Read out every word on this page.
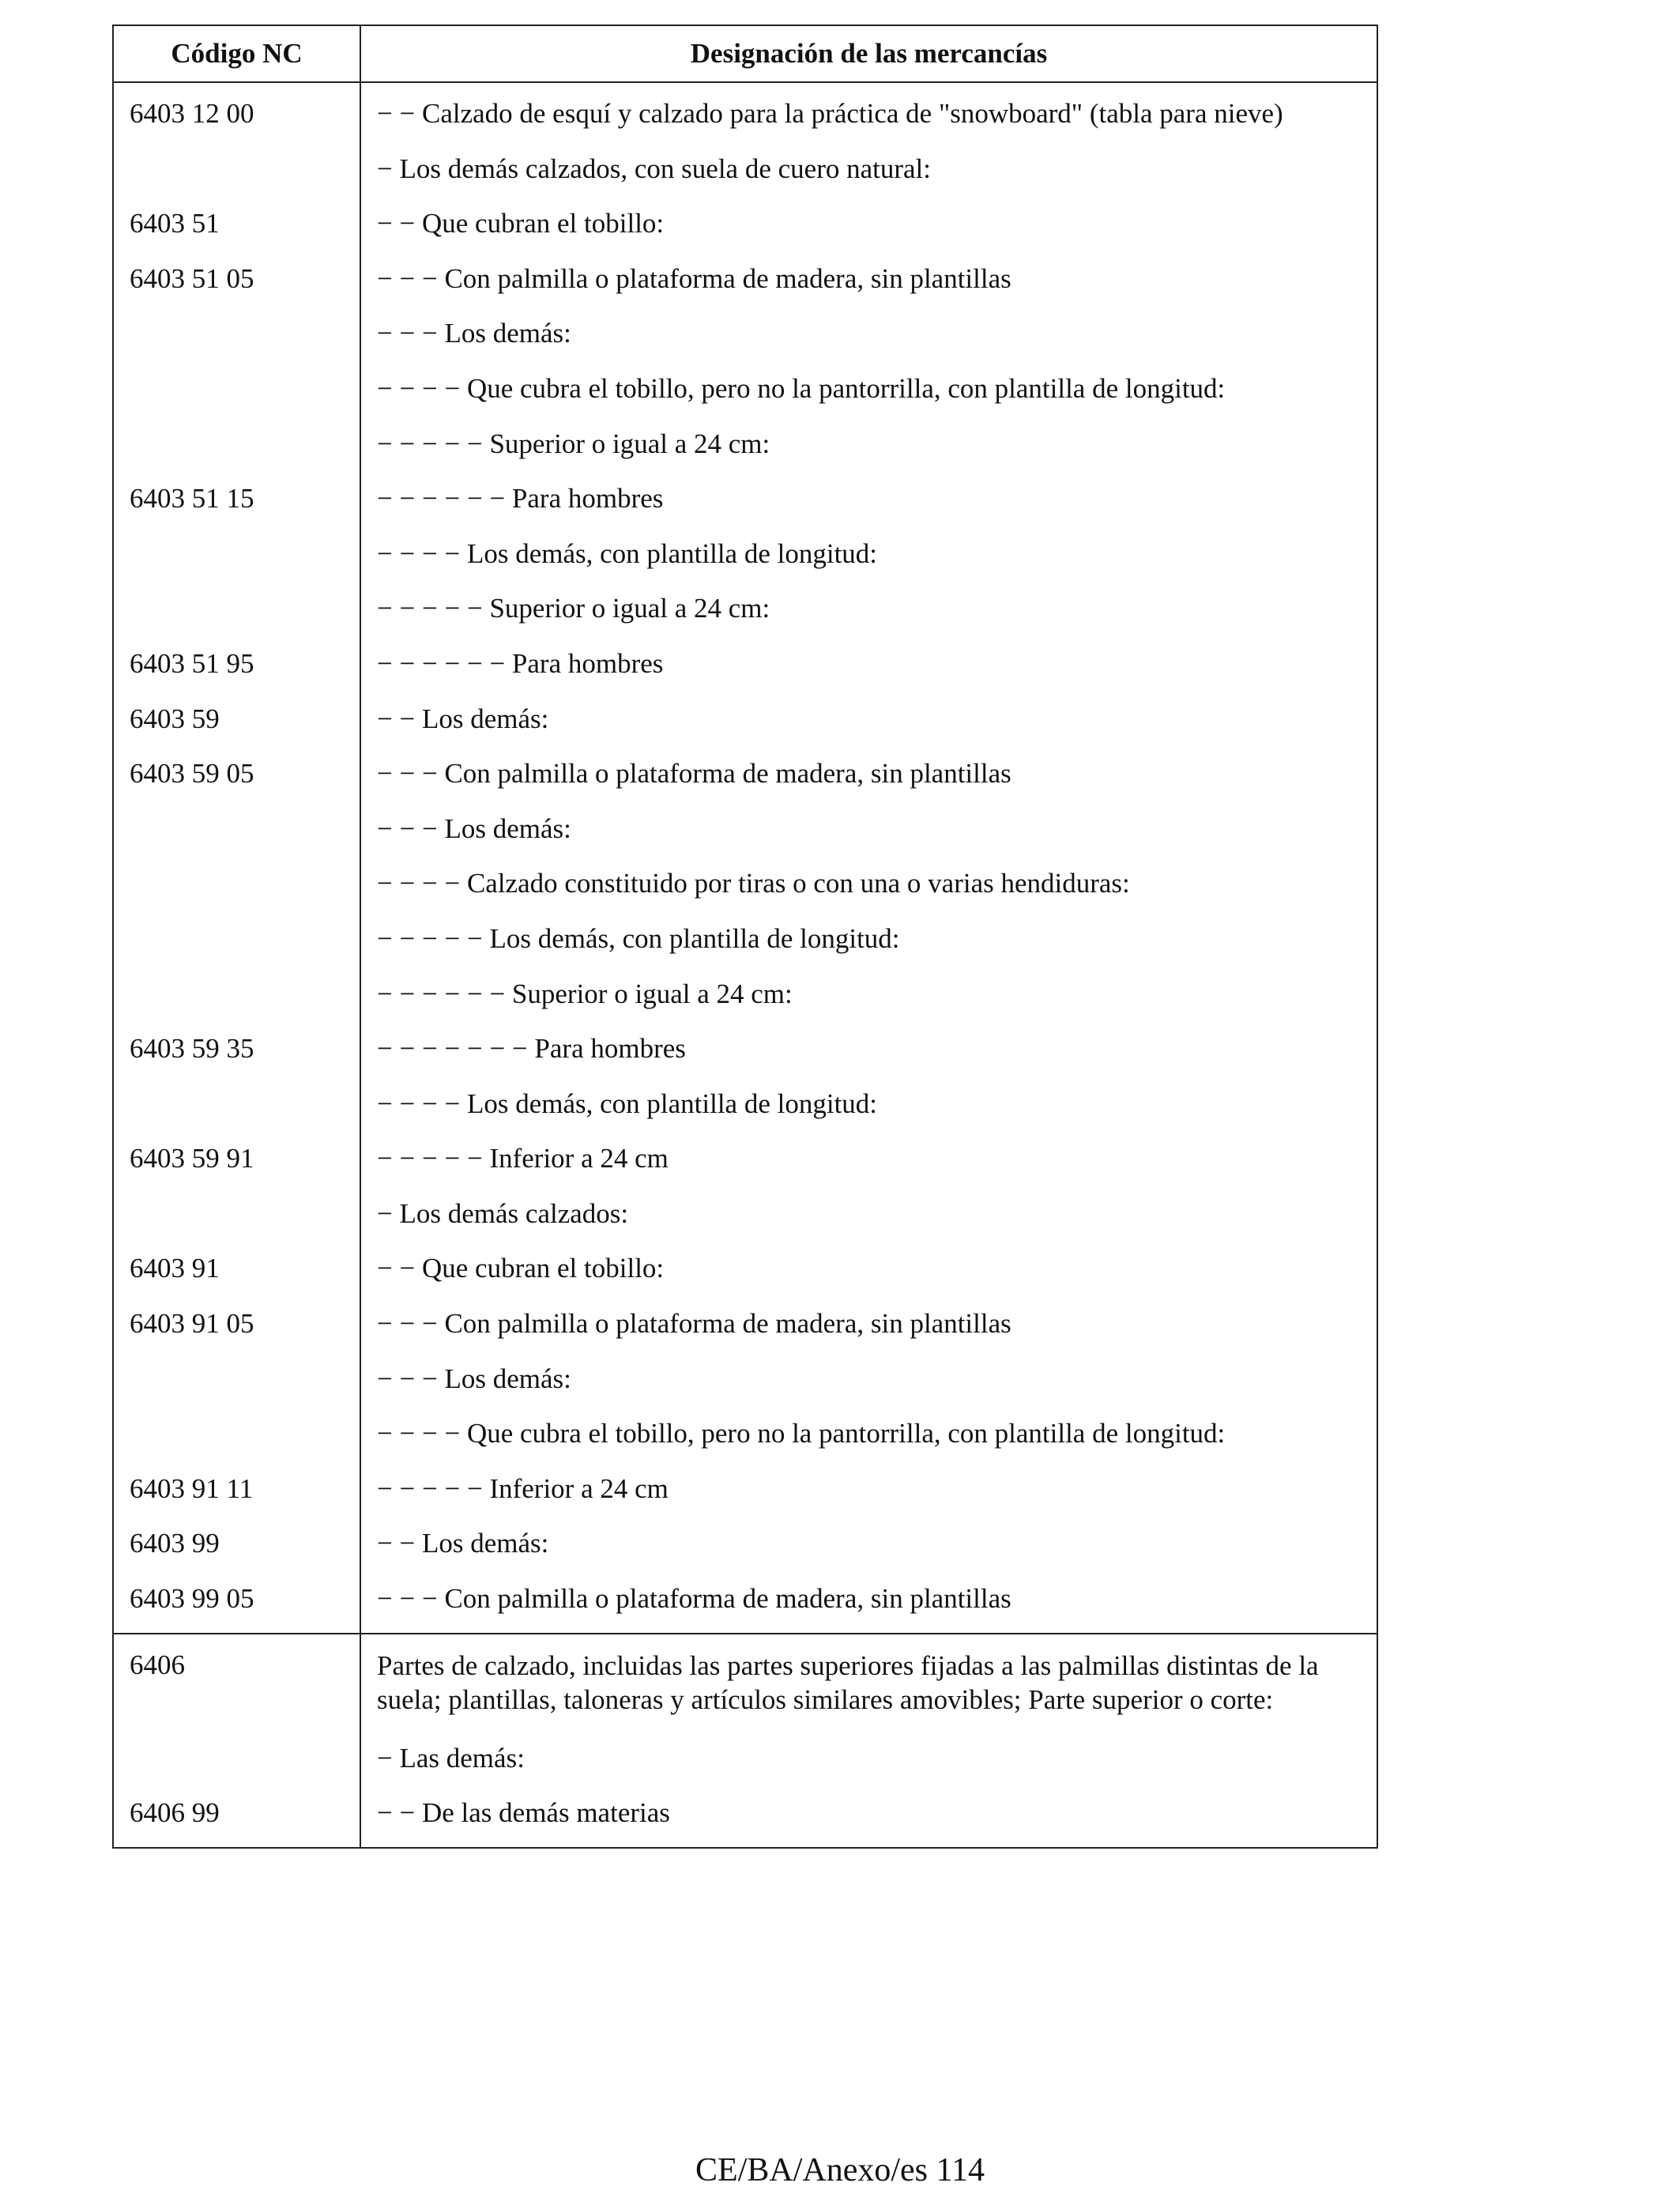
Código NC	Designación de las mercancías
6403 12 00	− − Calzado de esquí y calzado para la práctica de "snowboard" (tabla para nieve)
	− Los demás calzados, con suela de cuero natural:
6403 51	− − Que cubran el tobillo:
6403 51 05	− − − Con palmilla o plataforma de madera, sin plantillas
	− − − Los demás:
	− − − − Que cubra el tobillo, pero no la pantorrilla, con plantilla de longitud:
	− − − − − Superior o igual a 24 cm:
6403 51 15	− − − − − − Para hombres
	− − − − Los demás, con plantilla de longitud:
	− − − − − Superior o igual a 24 cm:
6403 51 95	− − − − − − Para hombres
6403 59	− − Los demás:
6403 59 05	− − − Con palmilla o plataforma de madera, sin plantillas
	− − − Los demás:
	− − − − Calzado constituido por tiras o con una o varias hendiduras:
	− − − − − Los demás, con plantilla de longitud:
	− − − − − − Superior o igual a 24 cm:
6403 59 35	− − − − − − − Para hombres
	− − − − Los demás, con plantilla de longitud:
6403 59 91	− − − − − Inferior a 24 cm
	− Los demás calzados:
6403 91	− − Que cubran el tobillo:
6403 91 05	− − − Con palmilla o plataforma de madera, sin plantillas
	− − − Los demás:
	− − − − Que cubra el tobillo, pero no la pantorrilla, con plantilla de longitud:
6403 91 11	− − − − − Inferior a 24 cm
6403 99	− − Los demás:
6403 99 05	− − − Con palmilla o plataforma de madera, sin plantillas
6406	Partes de calzado, incluidas las partes superiores fijadas a las palmillas distintas de la suela; plantillas, taloneras y artículos similares amovibles; Parte superior o corte:
	− Las demás:
6406 99	− − De las demás materias
CE/BA/Anexo/es 114
